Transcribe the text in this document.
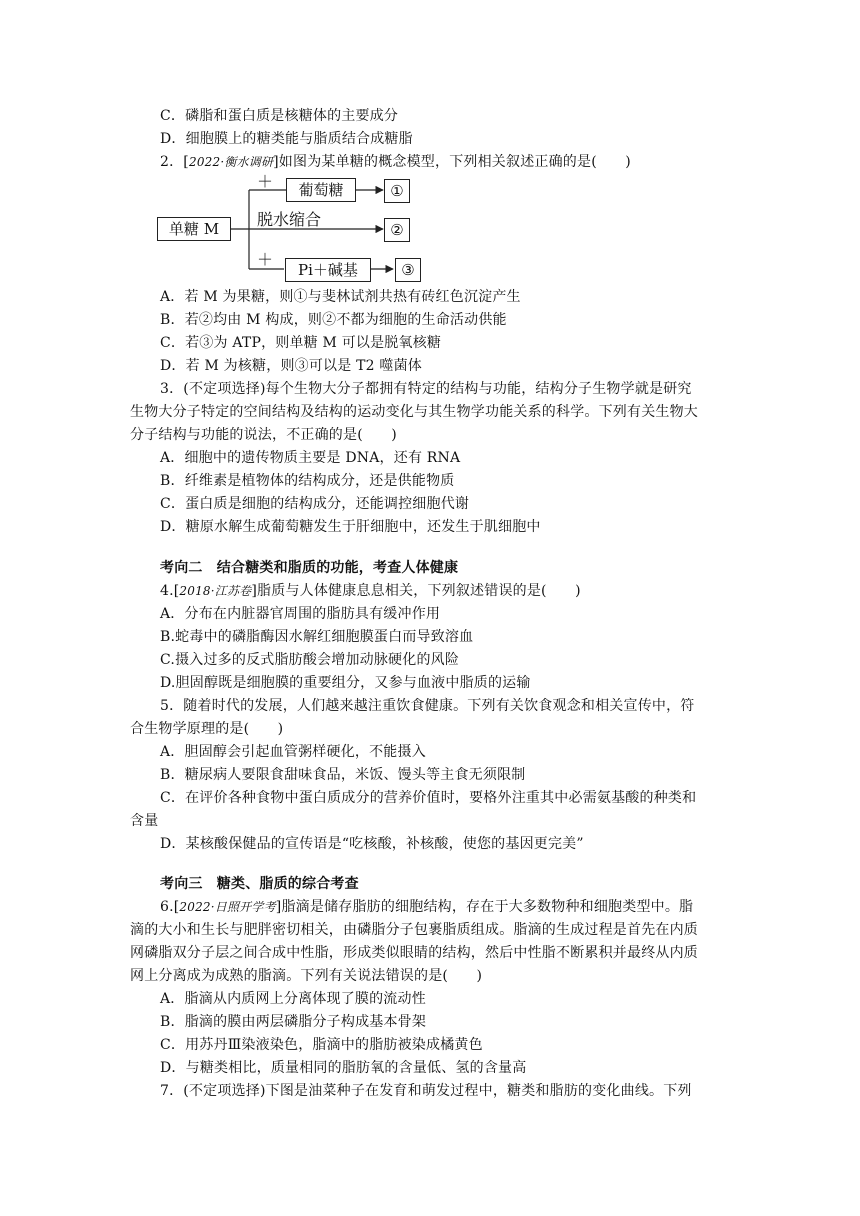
C．磷脂和蛋白质是核糖体的主要成分
D．细胞膜上的糖类能与脂质结合成糖脂
2．[2022·衡水调研]如图为某单糖的概念模型，下列相关叙述正确的是(　　)
单糖 M
葡萄糖	①
脱水缩合
②
Pi＋碱基	③
＋
＋
A．若 M 为果糖，则①与斐林试剂共热有砖红色沉淀产生
B．若②均由 M 构成，则②不都为细胞的生命活动供能
C．若③为 ATP，则单糖 M 可以是脱氧核糖
D．若 M 为核糖，则③可以是 T2 噬菌体
3．(不定项选择)每个生物大分子都拥有特定的结构与功能，结构分子生物学就是研究
生物大分子特定的空间结构及结构的运动变化与其生物学功能关系的科学。下列有关生物大
分子结构与功能的说法，不正确的是(　　)
A．细胞中的遗传物质主要是 DNA，还有 RNA
B．纤维素是植物体的结构成分，还是供能物质
C．蛋白质是细胞的结构成分，还能调控细胞代谢
D．糖原水解生成葡萄糖发生于肝细胞中，还发生于肌细胞中
考向二　结合糖类和脂质的功能，考查人体健康
4.[2018·江苏卷]脂质与人体健康息息相关，下列叙述错误的是(　　)
A．分布在内脏器官周围的脂肪具有缓冲作用
B.蛇毒中的磷脂酶因水解红细胞膜蛋白而导致溶血
C.摄入过多的反式脂肪酸会增加动脉硬化的风险
D.胆固醇既是细胞膜的重要组分，又参与血液中脂质的运输
5．随着时代的发展，人们越来越注重饮食健康。下列有关饮食观念和相关宣传中，符
合生物学原理的是(　　)
A．胆固醇会引起血管粥样硬化，不能摄入
B．糖尿病人要限食甜味食品，米饭、馒头等主食无须限制
C．在评价各种食物中蛋白质成分的营养价值时，要格外注重其中必需氨基酸的种类和
含量
D．某核酸保健品的宣传语是“吃核酸，补核酸，使您的基因更完美”
考向三　糖类、脂质的综合考查
6.[2022·日照开学考]脂滴是储存脂肪的细胞结构，存在于大多数物种和细胞类型中。脂
滴的大小和生长与肥胖密切相关，由磷脂分子包裹脂质组成。脂滴的生成过程是首先在内质
网磷脂双分子层之间合成中性脂，形成类似眼睛的结构，然后中性脂不断累积并最终从内质
网上分离成为成熟的脂滴。下列有关说法错误的是(　　)
A．脂滴从内质网上分离体现了膜的流动性
B．脂滴的膜由两层磷脂分子构成基本骨架
C．用苏丹Ⅲ染液染色，脂滴中的脂肪被染成橘黄色
D．与糖类相比，质量相同的脂肪氧的含量低、氢的含量高
7．(不定项选择)下图是油菜种子在发育和萌发过程中，糖类和脂肪的变化曲线。下列
